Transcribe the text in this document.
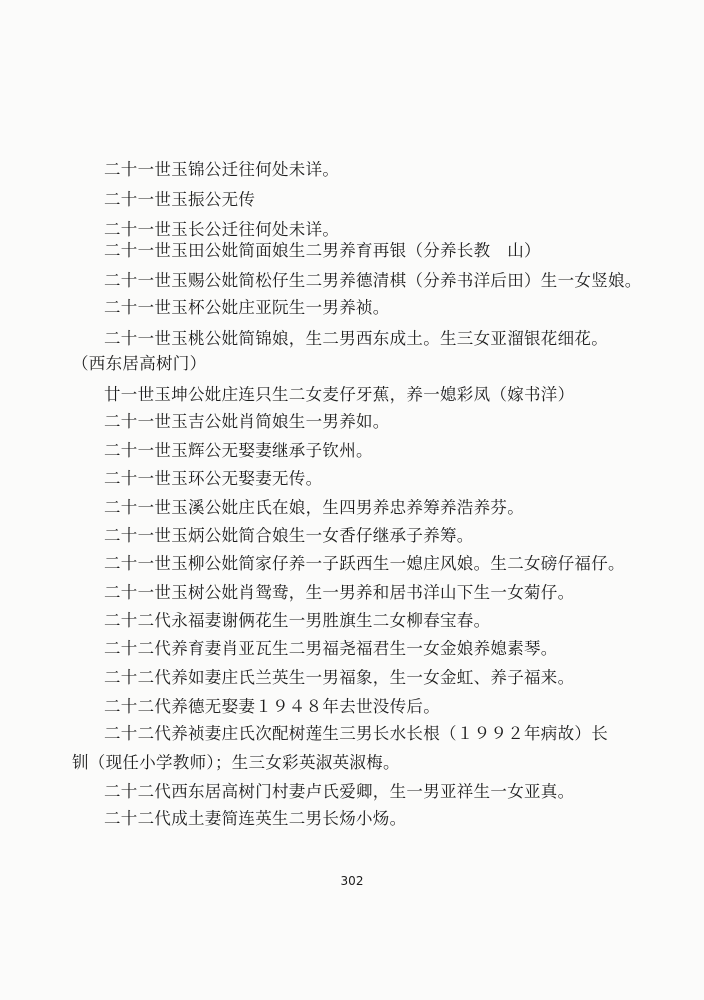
二十一世玉锦公迁往何处未详。
二十一世玉振公无传
二十一世玉长公迁往何处未详。
二十一世玉田公妣简面娘生二男养育再银（分养长教　山）
二十一世玉赐公妣简松仔生二男养德清棋（分养书洋后田）生一女竖娘。
二十一世玉杯公妣庄亚阮生一男养祯。
二十一世玉桃公妣简锦娘，生二男西东成土。生三女亚溜银花细花。
（西东居高树门）
廿一世玉坤公妣庄连只生二女麦仔牙蕉，养一媳彩凤（嫁书洋）
二十一世玉吉公妣肖简娘生一男养如。
二十一世玉辉公无娶妻继承子钦州。
二十一世玉环公无娶妻无传。
二十一世玉溪公妣庄氏在娘，生四男养忠养筹养浩养芬。
二十一世玉炳公妣简合娘生一女香仔继承子养筹。
二十一世玉柳公妣简家仔养一子跃西生一媳庄风娘。生二女磅仔福仔。
二十一世玉树公妣肖鸳鸯，生一男养和居书洋山下生一女菊仔。
二十二代永福妻谢俩花生一男胜旗生二女柳春宝春。
二十二代养育妻肖亚瓦生二男福尧福君生一女金娘养媳素琴。
二十二代养如妻庄氏兰英生一男福象，生一女金虹、养子福来。
二十二代养德无娶妻１９４８年去世没传后。
二十二代养祯妻庄氏次配树莲生三男长水长根（１９９２年病故）长
钏（现任小学教师）；生三女彩英淑英淑梅。
二十二代西东居高树门村妻卢氏爱卿，生一男亚祥生一女亚真。
二十二代成土妻简连英生二男长炀小炀。
302
